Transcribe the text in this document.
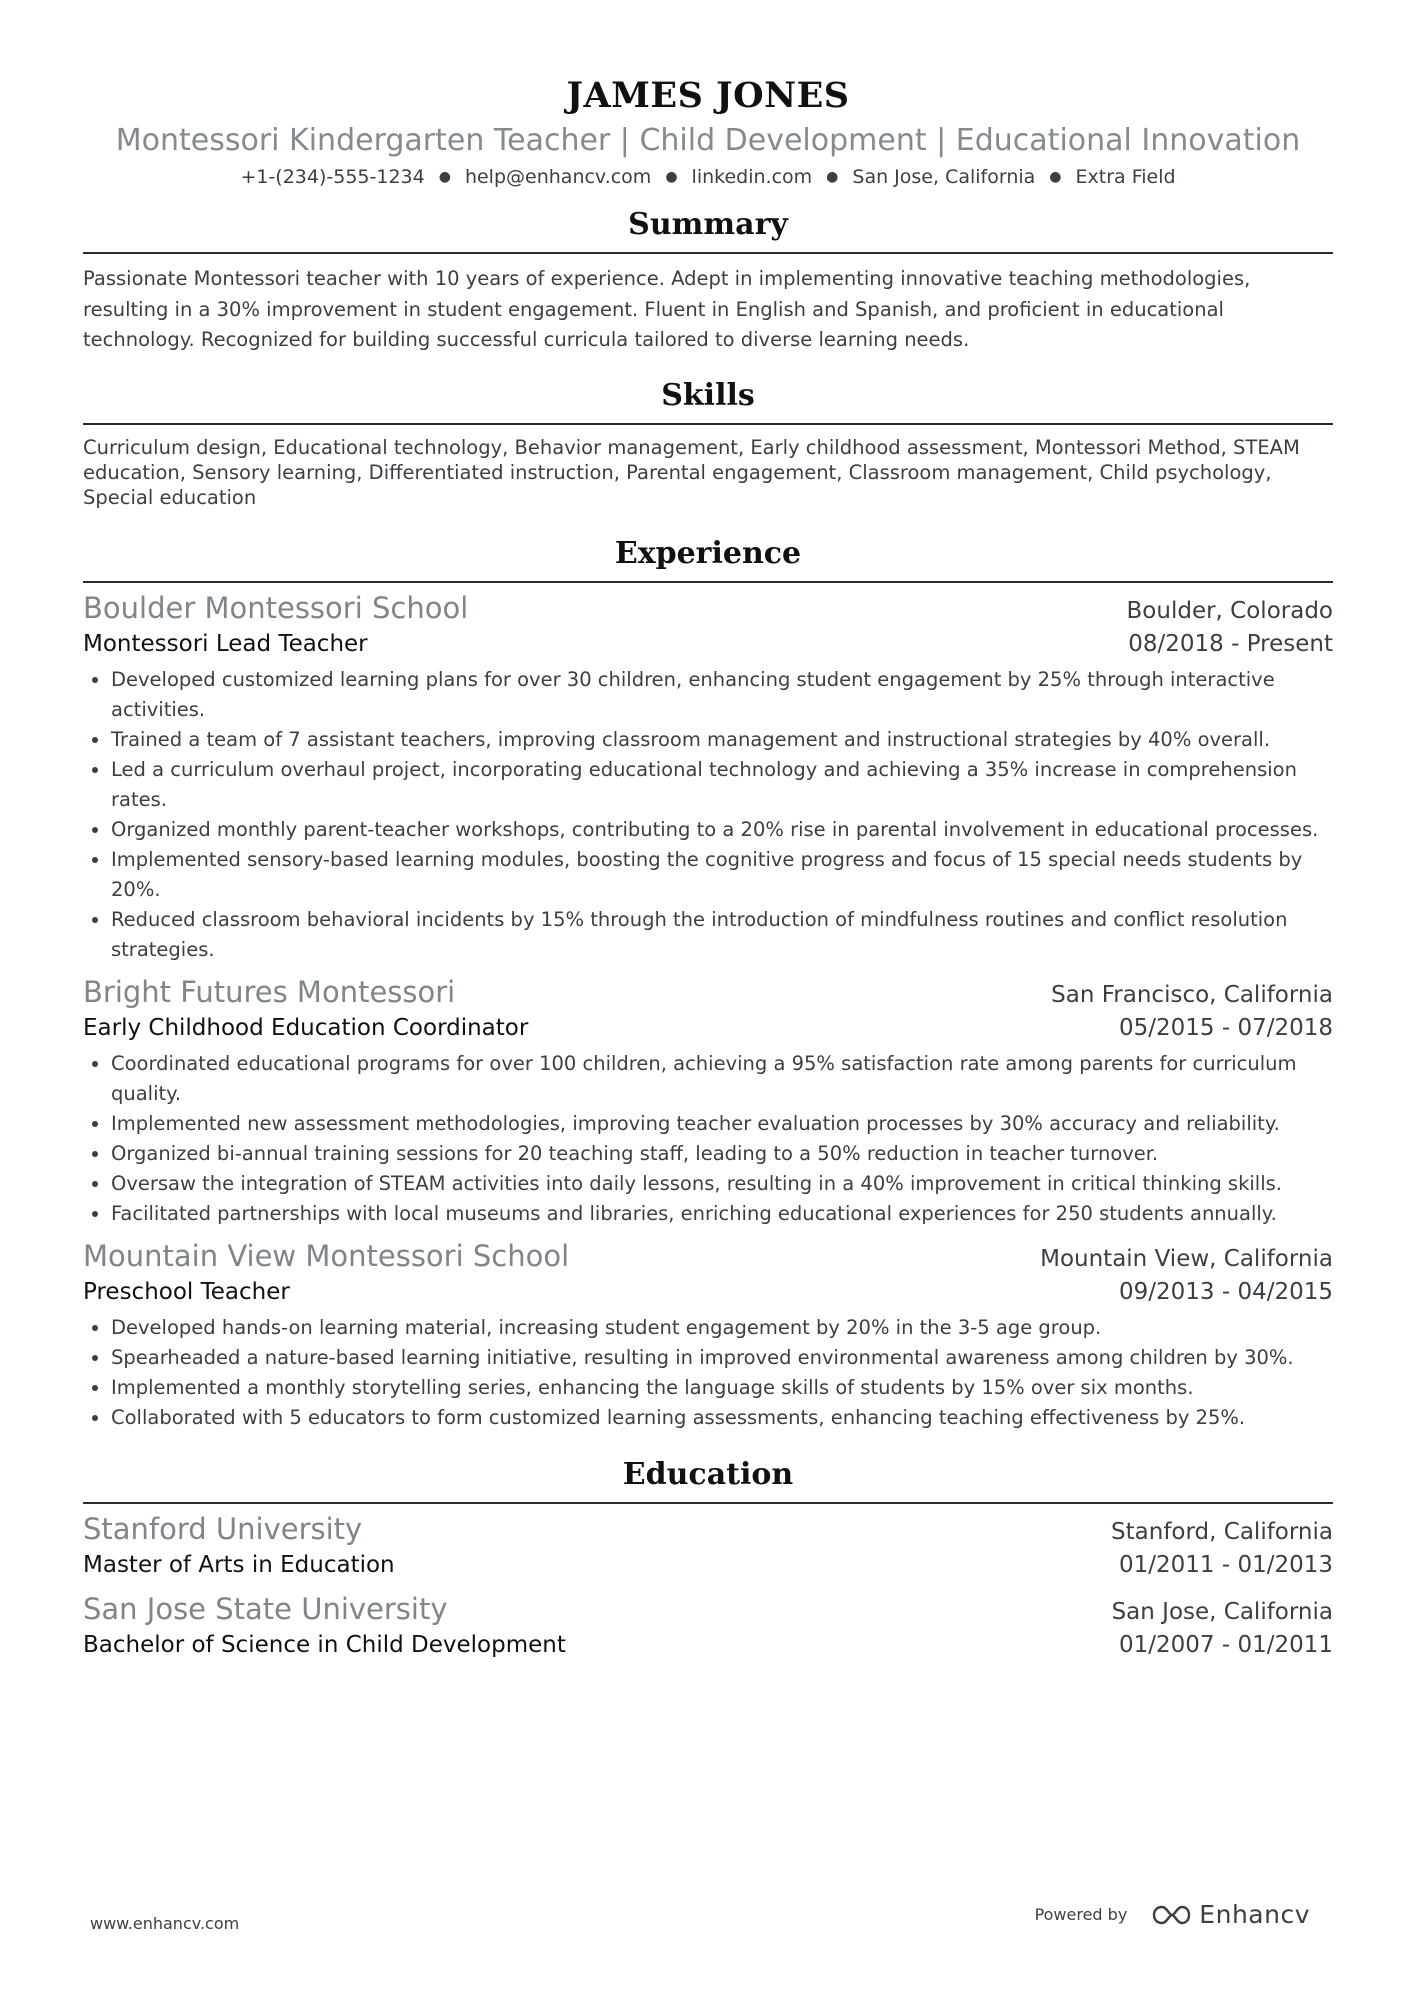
JAMES JONES
Montessori Kindergarten Teacher | Child Development | Educational Innovation
+1-(234)-555-1234 ● help@enhancv.com ● linkedin.com ● San Jose, California ● Extra Field
Summary
Passionate Montessori teacher with 10 years of experience. Adept in implementing innovative teaching methodologies, resulting in a 30% improvement in student engagement. Fluent in English and Spanish, and proficient in educational technology. Recognized for building successful curricula tailored to diverse learning needs.
Skills
Curriculum design, Educational technology, Behavior management, Early childhood assessment, Montessori Method, STEAM education, Sensory learning, Differentiated instruction, Parental engagement, Classroom management, Child psychology, Special education
Experience
Boulder Montessori School	Boulder, Colorado
Montessori Lead Teacher	08/2018 - Present
Developed customized learning plans for over 30 children, enhancing student engagement by 25% through interactive activities.
Trained a team of 7 assistant teachers, improving classroom management and instructional strategies by 40% overall.
Led a curriculum overhaul project, incorporating educational technology and achieving a 35% increase in comprehension rates.
Organized monthly parent-teacher workshops, contributing to a 20% rise in parental involvement in educational processes.
Implemented sensory-based learning modules, boosting the cognitive progress and focus of 15 special needs students by 20%.
Reduced classroom behavioral incidents by 15% through the introduction of mindfulness routines and conflict resolution strategies.
Bright Futures Montessori	San Francisco, California
Early Childhood Education Coordinator	05/2015 - 07/2018
Coordinated educational programs for over 100 children, achieving a 95% satisfaction rate among parents for curriculum quality.
Implemented new assessment methodologies, improving teacher evaluation processes by 30% accuracy and reliability.
Organized bi-annual training sessions for 20 teaching staff, leading to a 50% reduction in teacher turnover.
Oversaw the integration of STEAM activities into daily lessons, resulting in a 40% improvement in critical thinking skills.
Facilitated partnerships with local museums and libraries, enriching educational experiences for 250 students annually.
Mountain View Montessori School	Mountain View, California
Preschool Teacher	09/2013 - 04/2015
Developed hands-on learning material, increasing student engagement by 20% in the 3-5 age group.
Spearheaded a nature-based learning initiative, resulting in improved environmental awareness among children by 30%.
Implemented a monthly storytelling series, enhancing the language skills of students by 15% over six months.
Collaborated with 5 educators to form customized learning assessments, enhancing teaching effectiveness by 25%.
Education
Stanford University	Stanford, California
Master of Arts in Education	01/2011 - 01/2013
San Jose State University	San Jose, California
Bachelor of Science in Child Development	01/2007 - 01/2011
www.enhancv.com	Powered by	Enhancv
